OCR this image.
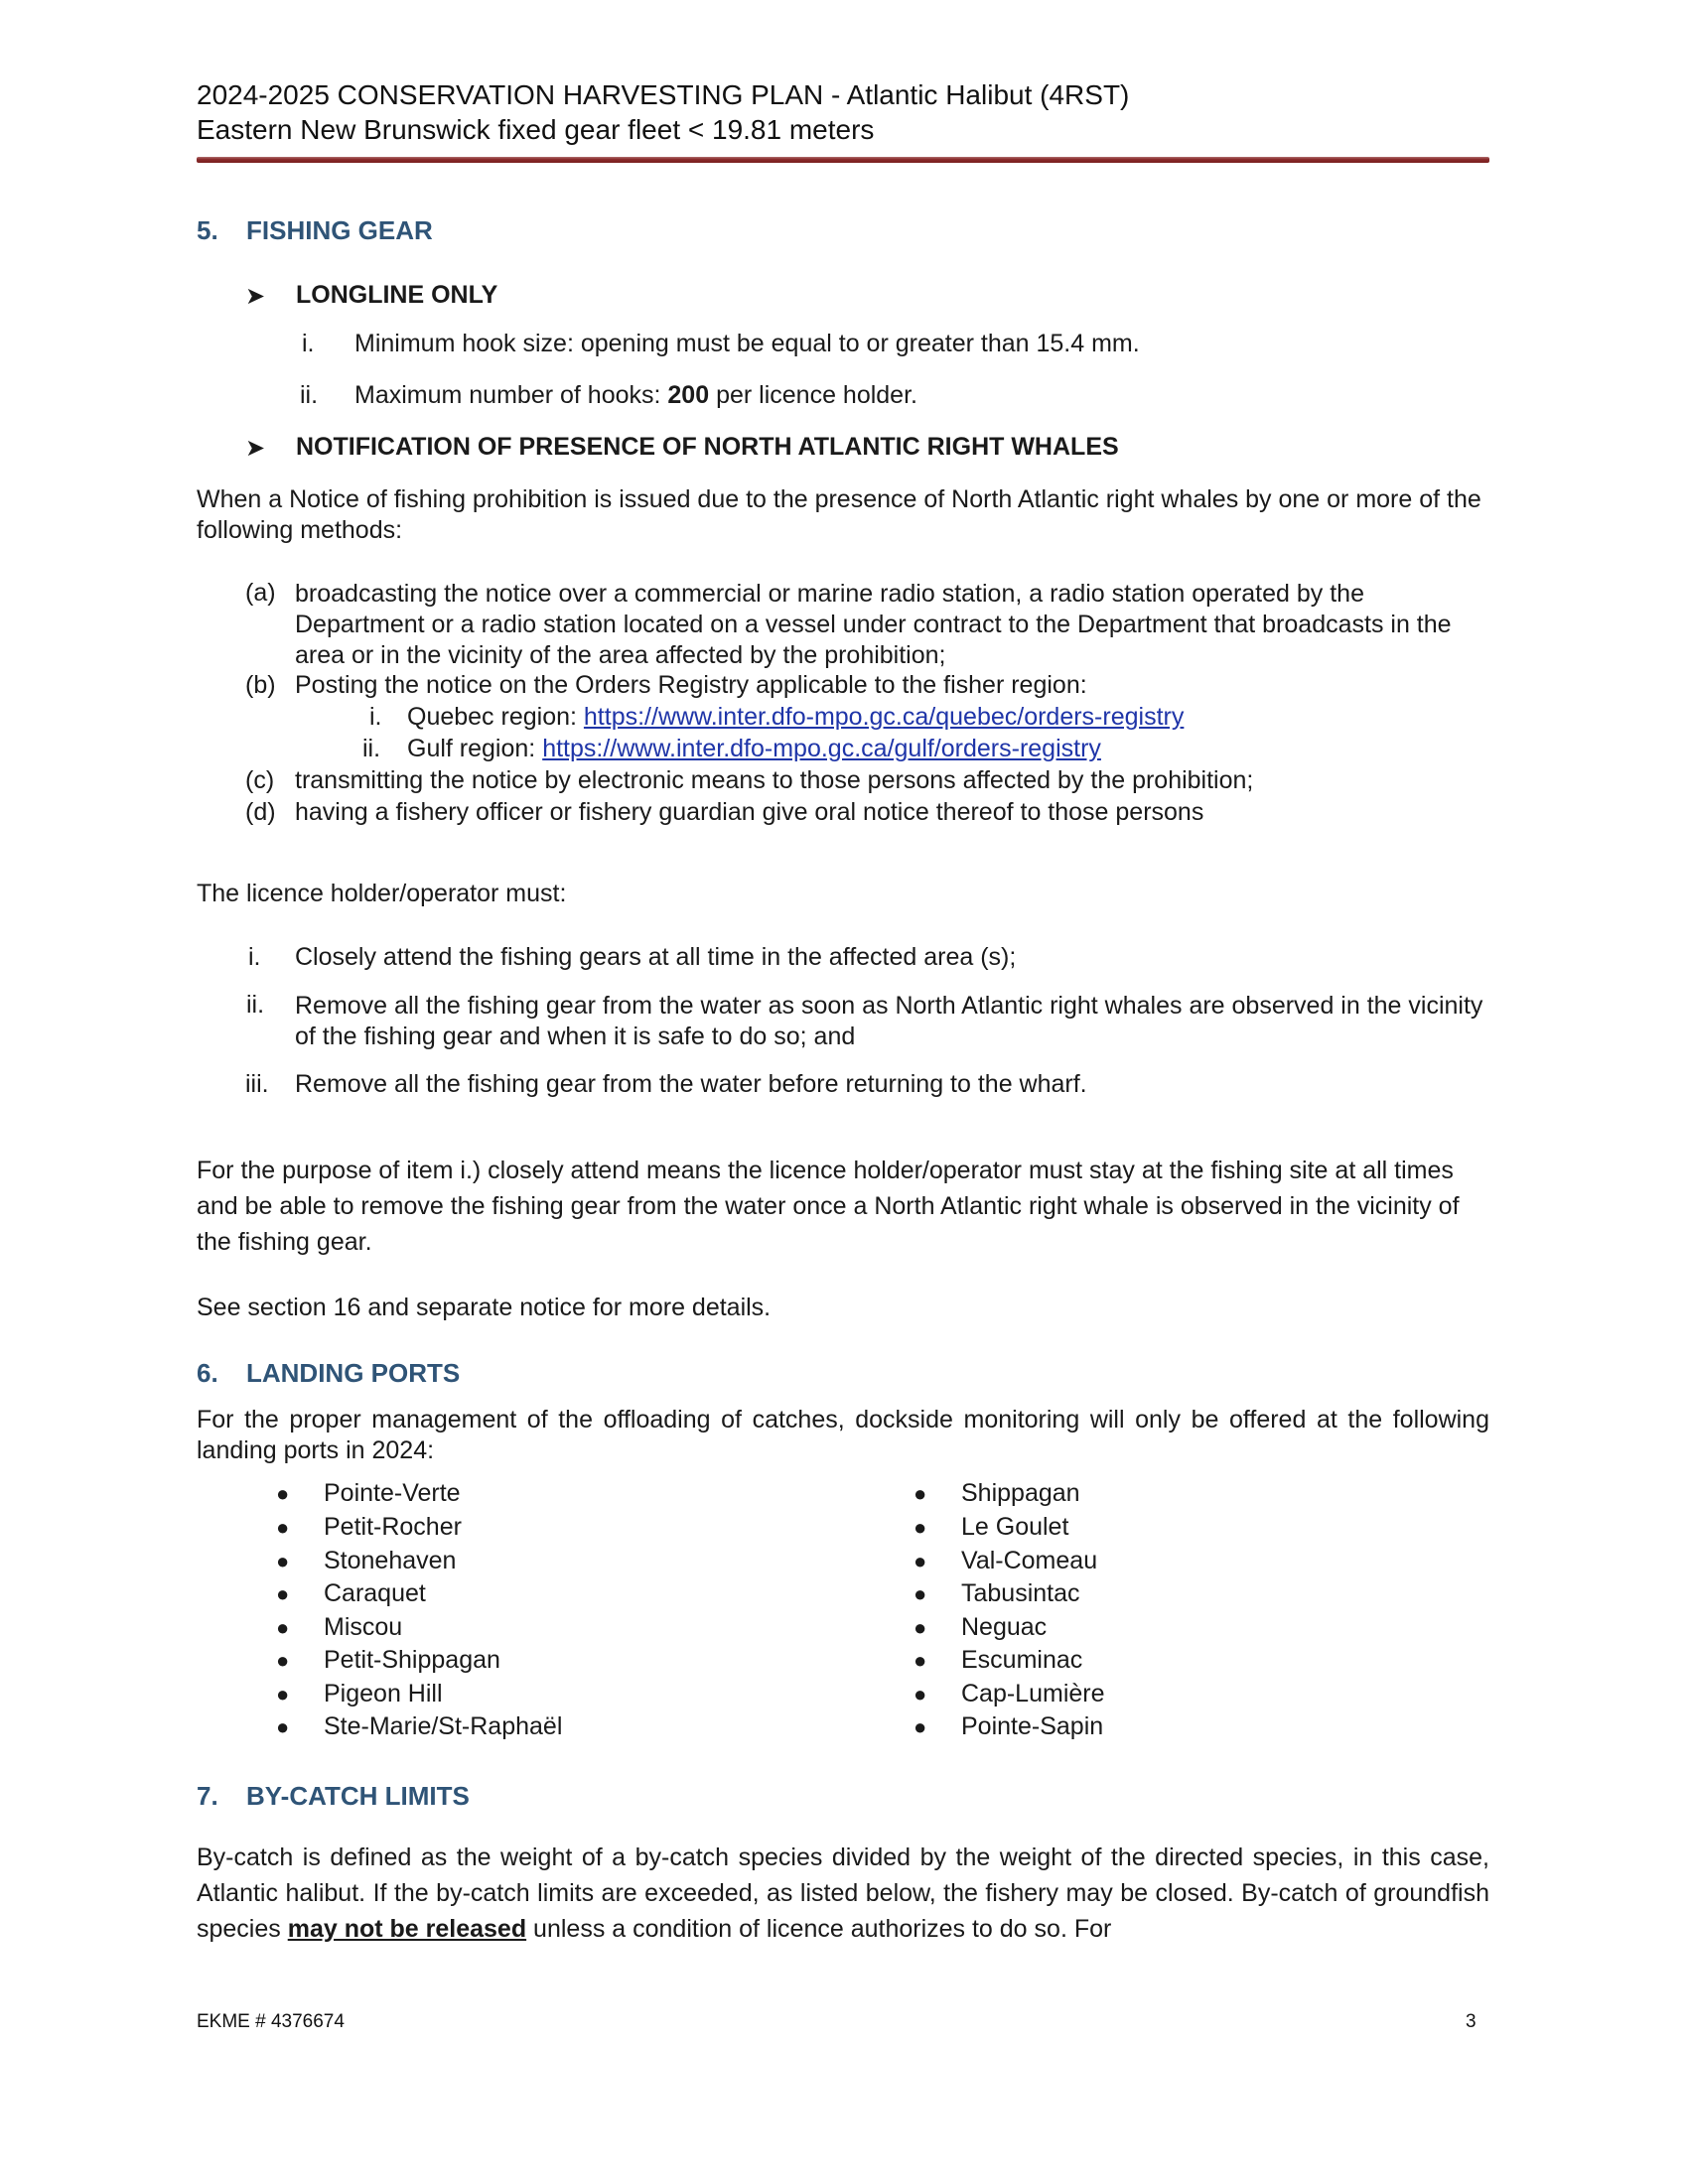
2024-2025 CONSERVATION HARVESTING PLAN - Atlantic Halibut (4RST)
Eastern New Brunswick fixed gear fleet < 19.81 meters
5. FISHING GEAR
➤ LONGLINE ONLY
i. Minimum hook size: opening must be equal to or greater than 15.4 mm.
ii. Maximum number of hooks: 200 per licence holder.
➤ NOTIFICATION OF PRESENCE OF NORTH ATLANTIC RIGHT WHALES
When a Notice of fishing prohibition is issued due to the presence of North Atlantic right whales by one or more of the following methods:
(a) broadcasting the notice over a commercial or marine radio station, a radio station operated by the Department or a radio station located on a vessel under contract to the Department that broadcasts in the area or in the vicinity of the area affected by the prohibition;
(b) Posting the notice on the Orders Registry applicable to the fisher region:
i. Quebec region: https://www.inter.dfo-mpo.gc.ca/quebec/orders-registry
ii. Gulf region: https://www.inter.dfo-mpo.gc.ca/gulf/orders-registry
(c) transmitting the notice by electronic means to those persons affected by the prohibition;
(d) having a fishery officer or fishery guardian give oral notice thereof to those persons
The licence holder/operator must:
i. Closely attend the fishing gears at all time in the affected area (s);
ii. Remove all the fishing gear from the water as soon as North Atlantic right whales are observed in the vicinity of the fishing gear and when it is safe to do so; and
iii. Remove all the fishing gear from the water before returning to the wharf.
For the purpose of item i.) closely attend means the licence holder/operator must stay at the fishing site at all times and be able to remove the fishing gear from the water once a North Atlantic right whale is observed in the vicinity of the fishing gear.
See section 16 and separate notice for more details.
6. LANDING PORTS
For the proper management of the offloading of catches, dockside monitoring will only be offered at the following landing ports in 2024:
● Pointe-Verte
● Petit-Rocher
● Stonehaven
● Caraquet
● Miscou
● Petit-Shippagan
● Pigeon Hill
● Ste-Marie/St-Raphaël
● Shippagan
● Le Goulet
● Val-Comeau
● Tabusintac
● Neguac
● Escuminac
● Cap-Lumière
● Pointe-Sapin
7. BY-CATCH LIMITS
By-catch is defined as the weight of a by-catch species divided by the weight of the directed species, in this case, Atlantic halibut. If the by-catch limits are exceeded, as listed below, the fishery may be closed. By-catch of groundfish species may not be released unless a condition of licence authorizes to do so. For
EKME # 4376674	3
